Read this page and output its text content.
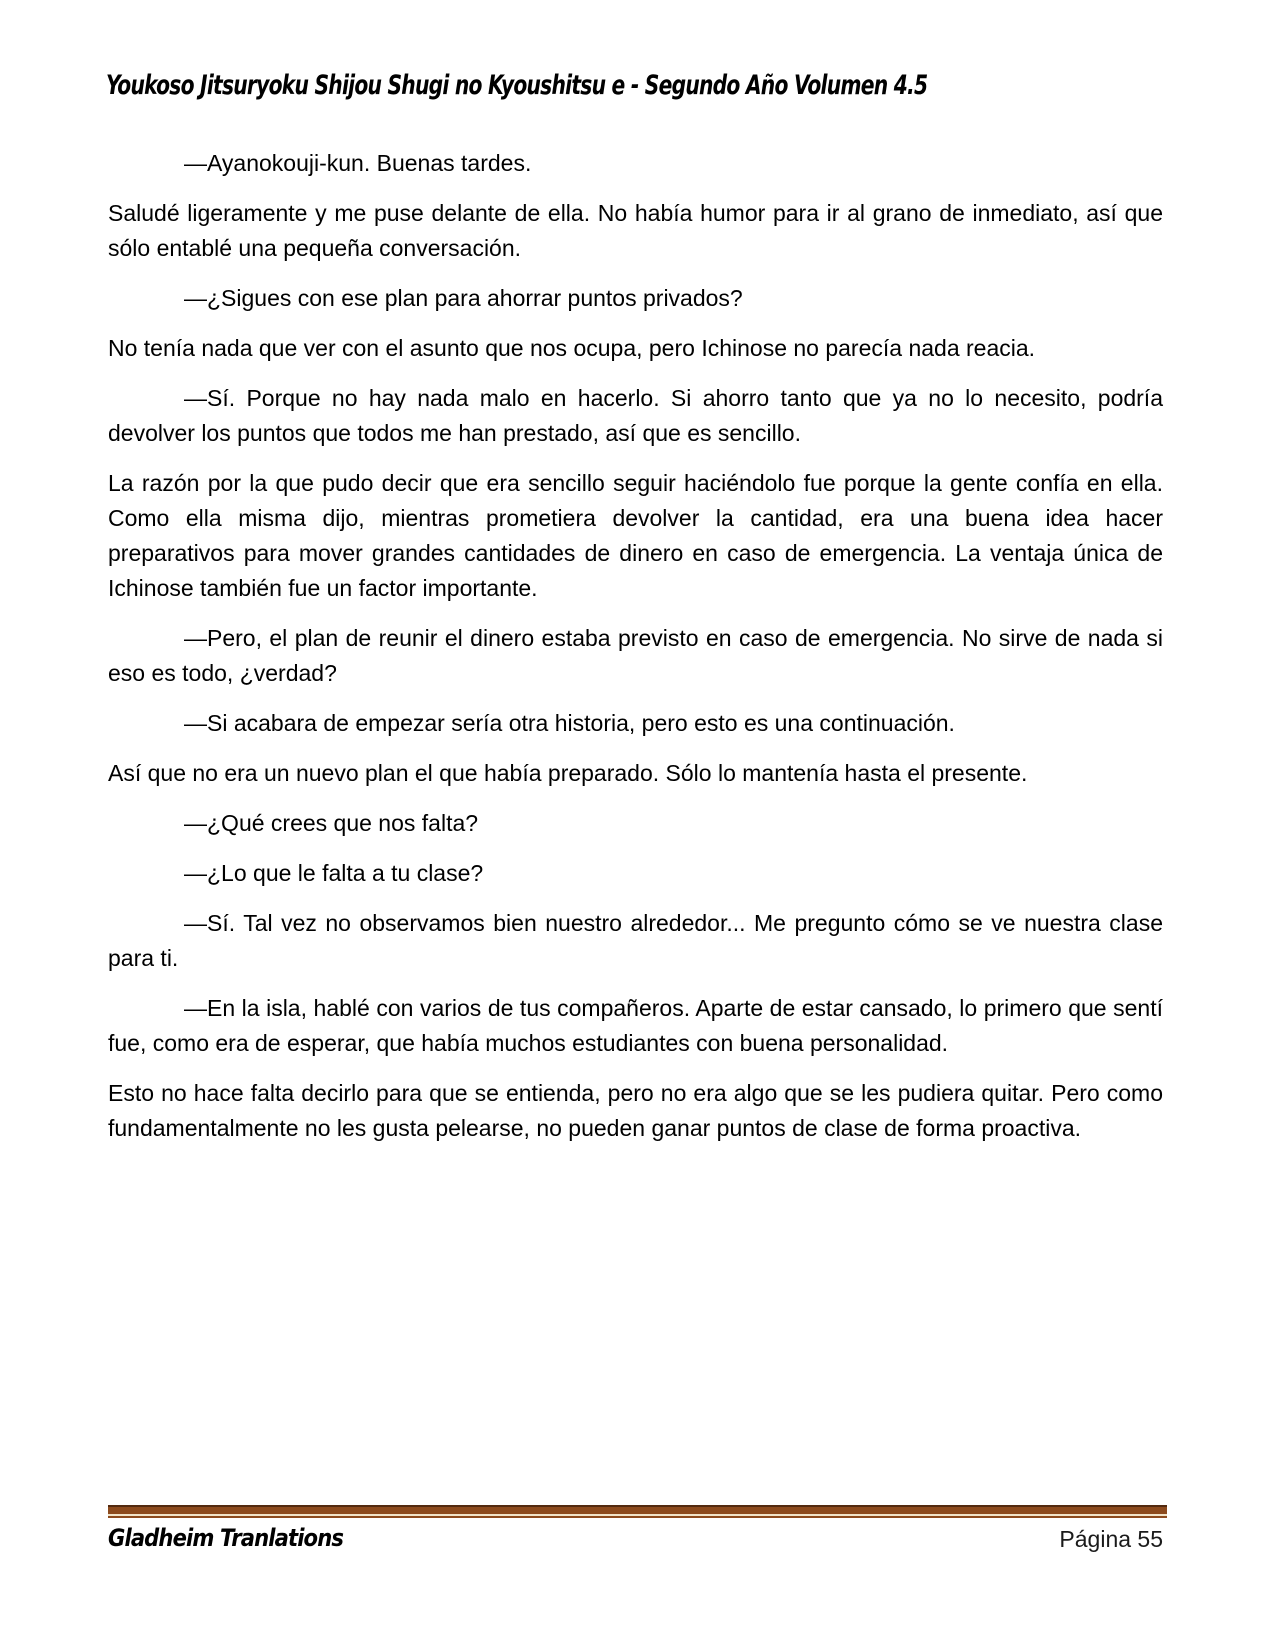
Youkoso Jitsuryoku Shijou Shugi no Kyoushitsu e - Segundo Año Volumen 4.5

—Ayanokouji-kun. Buenas tardes.

Saludé ligeramente y me puse delante de ella. No había humor para ir al grano de inmediato, así que sólo entablé una pequeña conversación.

—¿Sigues con ese plan para ahorrar puntos privados?

No tenía nada que ver con el asunto que nos ocupa, pero Ichinose no parecía nada reacia.

—Sí. Porque no hay nada malo en hacerlo. Si ahorro tanto que ya no lo necesito, podría devolver los puntos que todos me han prestado, así que es sencillo.

La razón por la que pudo decir que era sencillo seguir haciéndolo fue porque la gente confía en ella. Como ella misma dijo, mientras prometiera devolver la cantidad, era una buena idea hacer preparativos para mover grandes cantidades de dinero en caso de emergencia. La ventaja única de Ichinose también fue un factor importante.

—Pero, el plan de reunir el dinero estaba previsto en caso de emergencia. No sirve de nada si eso es todo, ¿verdad?

—Si acabara de empezar sería otra historia, pero esto es una continuación.

Así que no era un nuevo plan el que había preparado. Sólo lo mantenía hasta el presente.

—¿Qué crees que nos falta?

—¿Lo que le falta a tu clase?

—Sí. Tal vez no observamos bien nuestro alrededor... Me pregunto cómo se ve nuestra clase para ti.

—En la isla, hablé con varios de tus compañeros. Aparte de estar cansado, lo primero que sentí fue, como era de esperar, que había muchos estudiantes con buena personalidad.

Esto no hace falta decirlo para que se entienda, pero no era algo que se les pudiera quitar. Pero como fundamentalmente no les gusta pelearse, no pueden ganar puntos de clase de forma proactiva.

Gladheim Tranlations	Página 55
